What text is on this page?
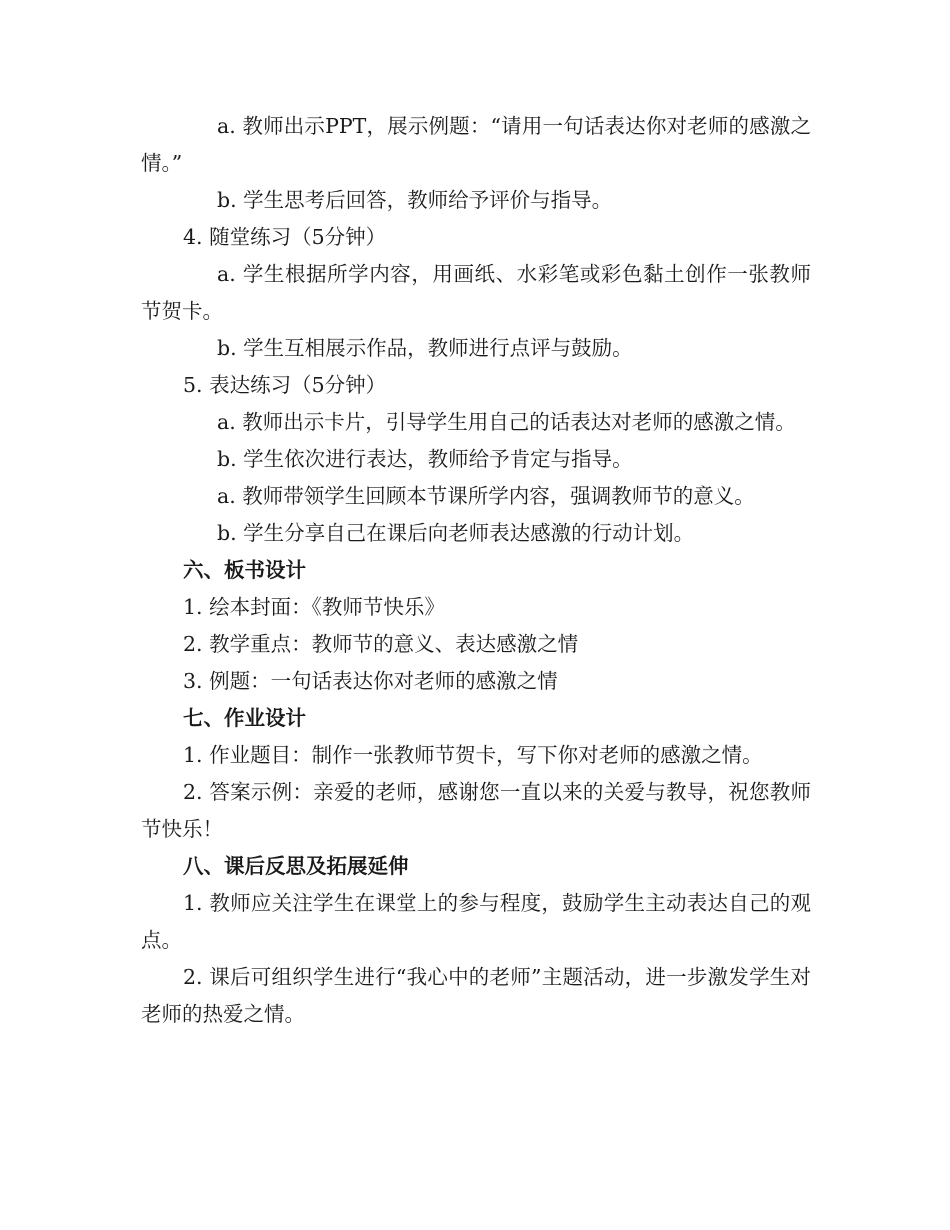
a. 教师出示PPT，展示例题：“请用一句话表达你对老师的感激之情。”
b. 学生思考后回答，教师给予评价与指导。
4. 随堂练习（5分钟）
a. 学生根据所学内容，用画纸、水彩笔或彩色黏土创作一张教师节贺卡。
b. 学生互相展示作品，教师进行点评与鼓励。
5. 表达练习（5分钟）
a. 教师出示卡片，引导学生用自己的话表达对老师的感激之情。
b. 学生依次进行表达，教师给予肯定与指导。
a. 教师带领学生回顾本节课所学内容，强调教师节的意义。
b. 学生分享自己在课后向老师表达感激的行动计划。
六、板书设计
1. 绘本封面：《教师节快乐》
2. 教学重点：教师节的意义、表达感激之情
3. 例题：一句话表达你对老师的感激之情
七、作业设计
1. 作业题目：制作一张教师节贺卡，写下你对老师的感激之情。
2. 答案示例：亲爱的老师，感谢您一直以来的关爱与教导，祝您教师节快乐！
八、课后反思及拓展延伸
1. 教师应关注学生在课堂上的参与程度，鼓励学生主动表达自己的观点。
2. 课后可组织学生进行“我心中的老师”主题活动，进一步激发学生对老师的热爱之情。
